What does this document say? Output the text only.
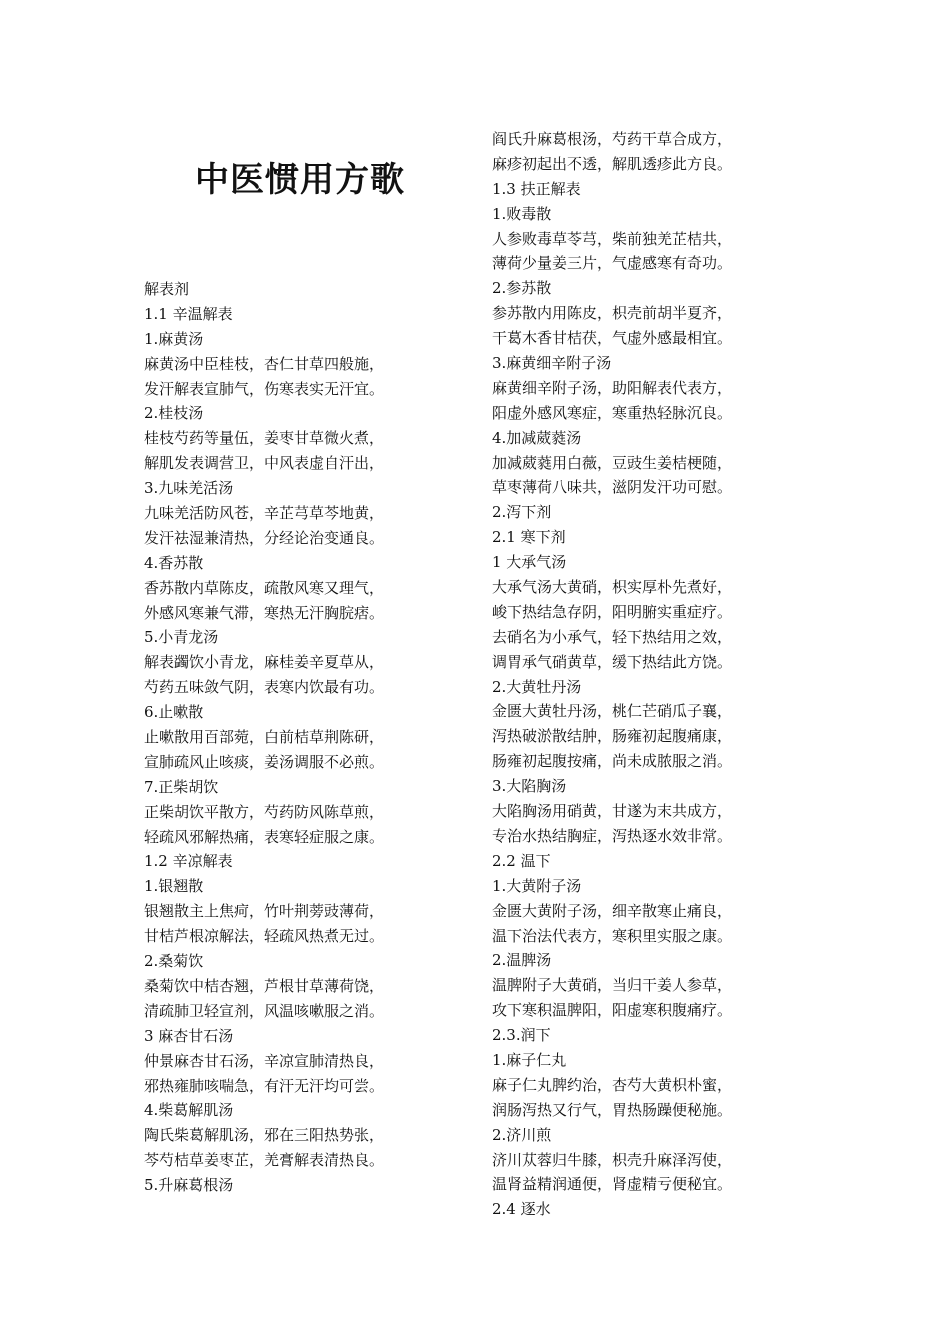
中医惯用方歌
解表剂
1.1 辛温解表
1.麻黄汤
麻黄汤中臣桂枝，杏仁甘草四般施，
发汗解表宣肺气，伤寒表实无汗宜。
2.桂枝汤
桂枝芍药等量伍，姜枣甘草微火煮，
解肌发表调营卫，中风表虚自汗出，
3.九味羌活汤
九味羌活防风苍，辛芷芎草芩地黄，
发汗祛湿兼清热，分经论治变通良。
4.香苏散
香苏散内草陈皮，疏散风寒又理气，
外感风寒兼气滞，寒热无汗胸脘痞。
5.小青龙汤
解表蠲饮小青龙，麻桂姜辛夏草从，
芍药五味敛气阴，表寒内饮最有功。
6.止嗽散
止嗽散用百部菀，白前桔草荆陈研，
宣肺疏风止咳痰，姜汤调服不必煎。
7.正柴胡饮
正柴胡饮平散方，芍药防风陈草煎，
轻疏风邪解热痛，表寒轻症服之康。
1.2 辛凉解表
1.银翘散
银翘散主上焦疴，竹叶荆蒡豉薄荷，
甘桔芦根凉解法，轻疏风热煮无过。
2.桑菊饮
桑菊饮中桔杏翘，芦根甘草薄荷饶，
清疏肺卫轻宣剂，风温咳嗽服之消。
3 麻杏甘石汤
仲景麻杏甘石汤，辛凉宣肺清热良，
邪热雍肺咳喘急，有汗无汗均可尝。
4.柴葛解肌汤
陶氏柴葛解肌汤，邪在三阳热势张，
芩芍桔草姜枣芷，羌膏解表清热良。
5.升麻葛根汤
阎氏升麻葛根汤，芍药干草合成方，
麻疹初起出不透，解肌透疹此方良。
1.3 扶正解表
1.败毒散
人参败毒草苓芎，柴前独羌芷桔共，
薄荷少量姜三片，气虚感寒有奇功。
2.参苏散
参苏散内用陈皮，枳壳前胡半夏齐，
干葛木香甘桔茯，气虚外感最相宜。
3.麻黄细辛附子汤
麻黄细辛附子汤，助阳解表代表方，
阳虚外感风寒症，寒重热轻脉沉良。
4.加减葳蕤汤
加减葳蕤用白薇，豆豉生姜桔梗随，
草枣薄荷八味共，滋阴发汗功可慰。
2.泻下剂
2.1 寒下剂
1 大承气汤
大承气汤大黄硝，枳实厚朴先煮好，
峻下热结急存阴，阳明腑实重症疗。
去硝名为小承气，轻下热结用之效，
调胃承气硝黄草，缓下热结此方饶。
2.大黄牡丹汤
金匮大黄牡丹汤，桃仁芒硝瓜子襄，
泻热破淤散结肿，肠雍初起腹痛康，
肠雍初起腹按痛，尚未成脓服之消。
3.大陷胸汤
大陷胸汤用硝黄，甘遂为末共成方，
专治水热结胸症，泻热逐水效非常。
2.2 温下
1.大黄附子汤
金匮大黄附子汤，细辛散寒止痛良，
温下治法代表方，寒积里实服之康。
2.温脾汤
温脾附子大黄硝，当归干姜人参草，
攻下寒积温脾阳，阳虚寒积腹痛疗。
2.3.润下
1.麻子仁丸
麻子仁丸脾约治，杏芍大黄枳朴蜜，
润肠泻热又行气，胃热肠躁便秘施。
2.济川煎
济川苁蓉归牛膝，枳壳升麻泽泻使，
温肾益精润通便，肾虚精亏便秘宜。
2.4 逐水
